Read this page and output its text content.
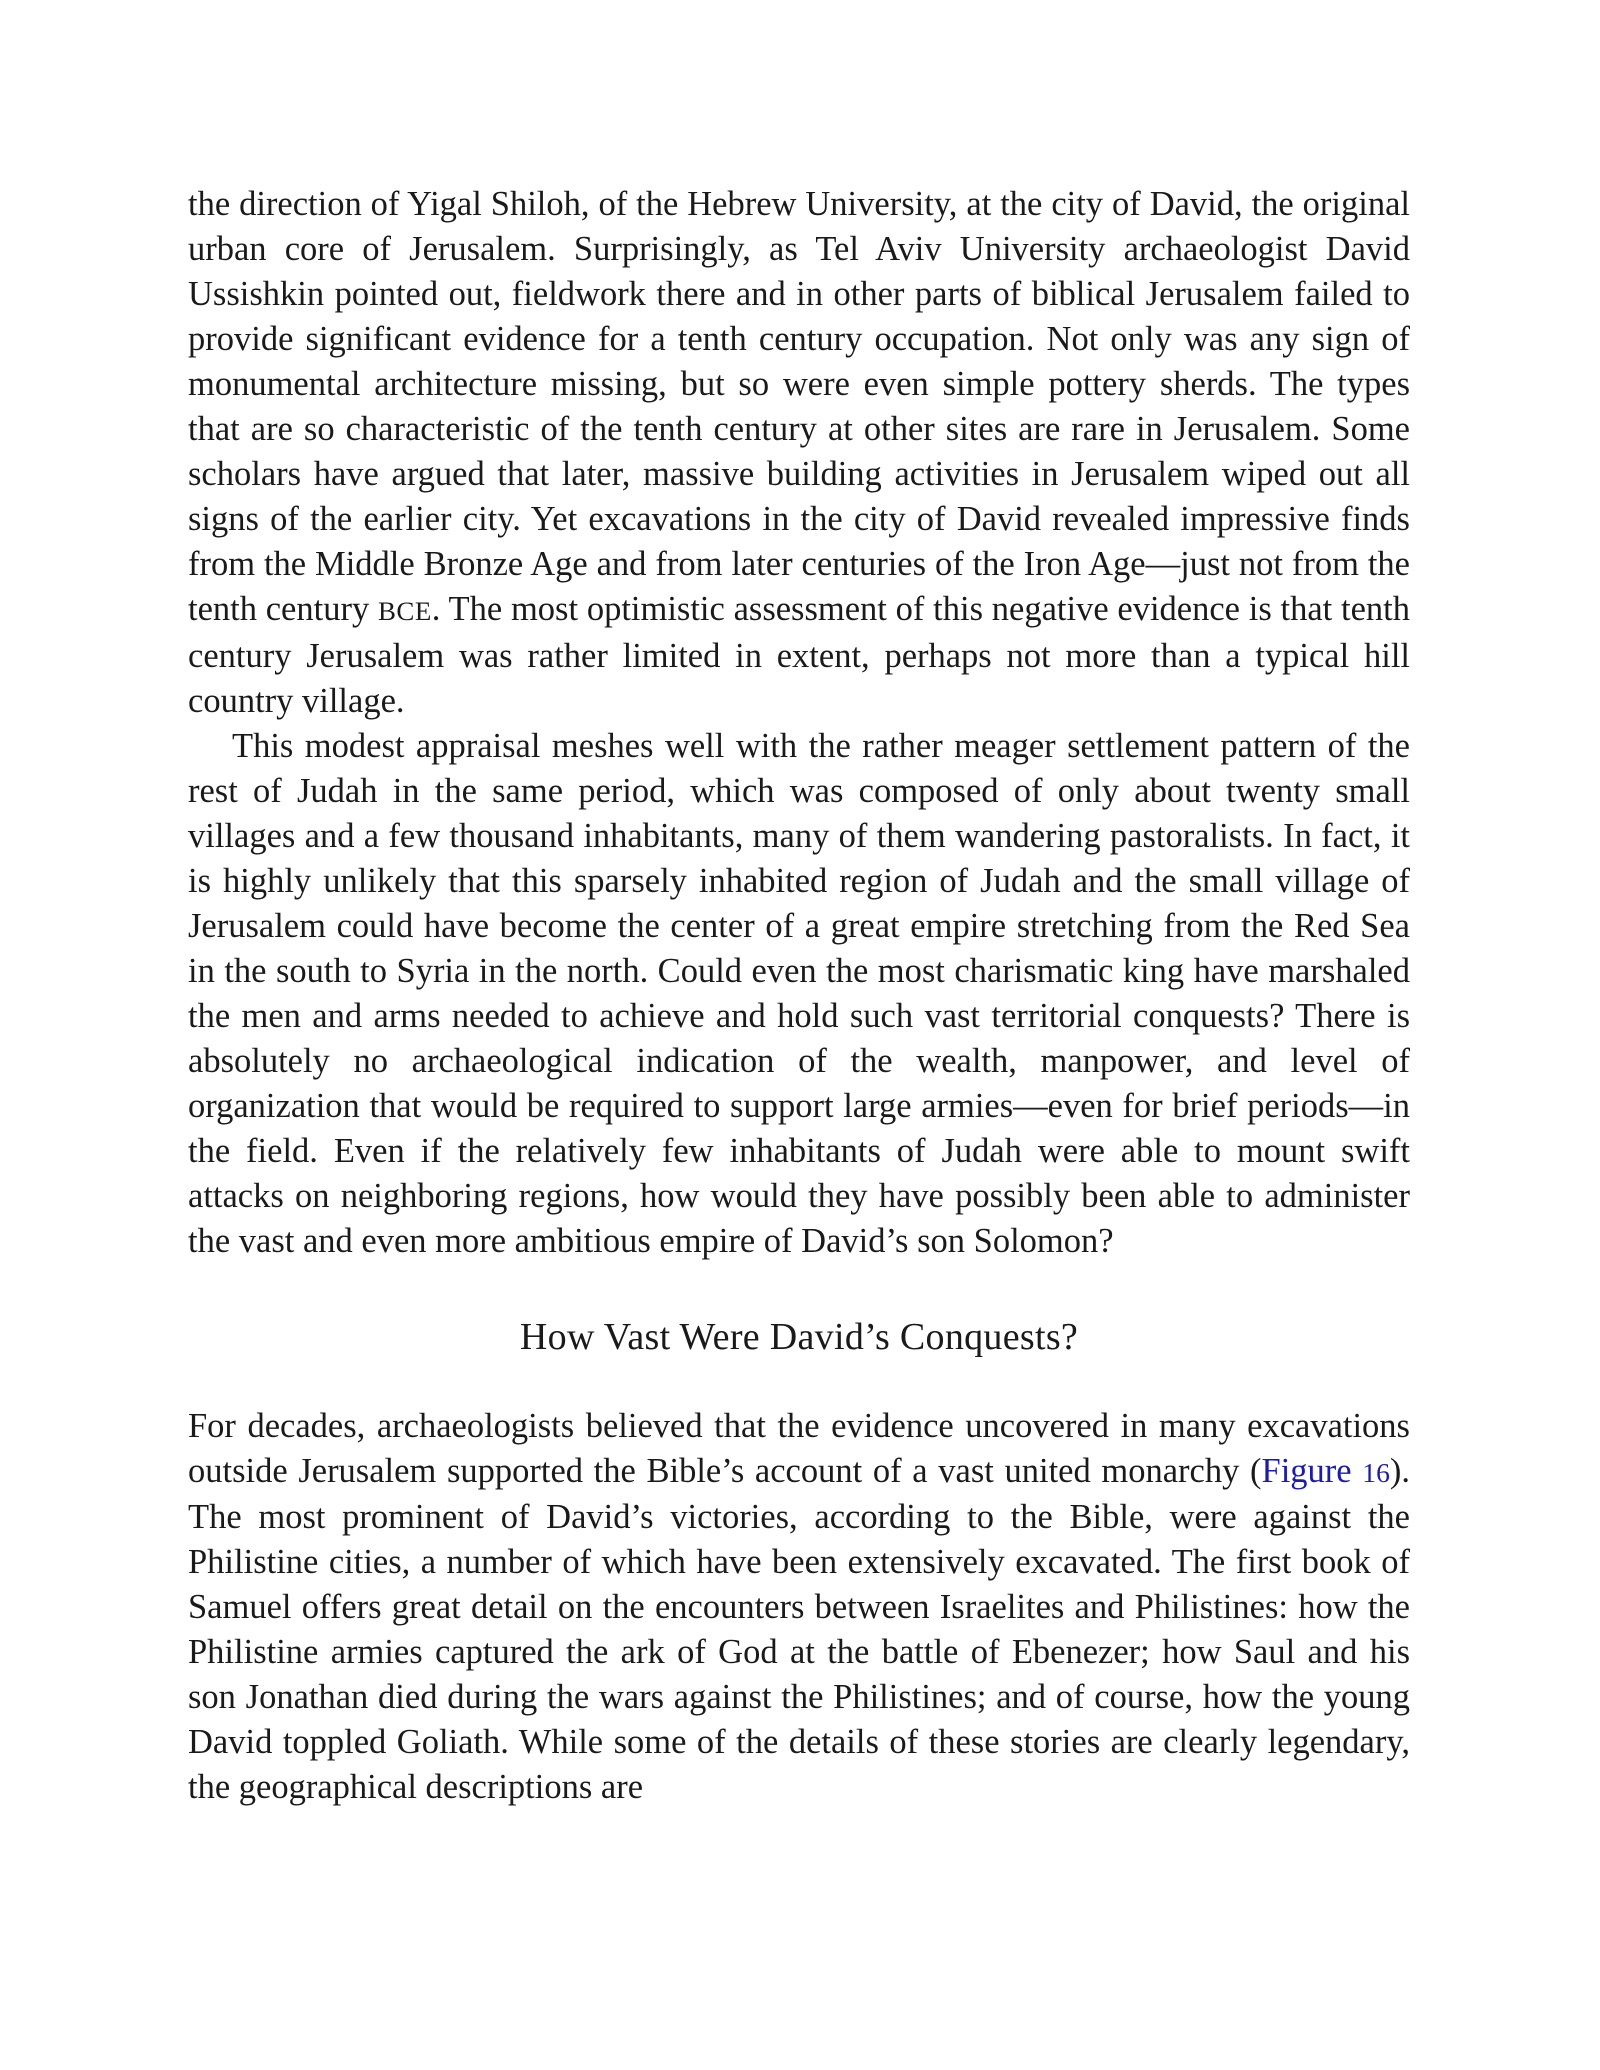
the direction of Yigal Shiloh, of the Hebrew University, at the city of David, the original urban core of Jerusalem. Surprisingly, as Tel Aviv University archaeologist David Ussishkin pointed out, fieldwork there and in other parts of biblical Jerusalem failed to provide significant evidence for a tenth century occupation. Not only was any sign of monumental architecture missing, but so were even simple pottery sherds. The types that are so characteristic of the tenth century at other sites are rare in Jerusalem. Some scholars have argued that later, massive building activities in Jerusalem wiped out all signs of the earlier city. Yet excavations in the city of David revealed impressive finds from the Middle Bronze Age and from later centuries of the Iron Age—just not from the tenth century BCE. The most optimistic assessment of this negative evidence is that tenth century Jerusalem was rather limited in extent, perhaps not more than a typical hill country village.

This modest appraisal meshes well with the rather meager settlement pattern of the rest of Judah in the same period, which was composed of only about twenty small villages and a few thousand inhabitants, many of them wandering pastoralists. In fact, it is highly unlikely that this sparsely inhabited region of Judah and the small village of Jerusalem could have become the center of a great empire stretching from the Red Sea in the south to Syria in the north. Could even the most charismatic king have marshaled the men and arms needed to achieve and hold such vast territorial conquests? There is absolutely no archaeological indication of the wealth, manpower, and level of organization that would be required to support large armies—even for brief periods—in the field. Even if the relatively few inhabitants of Judah were able to mount swift attacks on neighboring regions, how would they have possibly been able to administer the vast and even more ambitious empire of David’s son Solomon?

How Vast Were David’s Conquests?

For decades, archaeologists believed that the evidence uncovered in many excavations outside Jerusalem supported the Bible’s account of a vast united monarchy (Figure 16). The most prominent of David’s victories, according to the Bible, were against the Philistine cities, a number of which have been extensively excavated. The first book of Samuel offers great detail on the encounters between Israelites and Philistines: how the Philistine armies captured the ark of God at the battle of Ebenezer; how Saul and his son Jonathan died during the wars against the Philistines; and of course, how the young David toppled Goliath. While some of the details of these stories are clearly legendary, the geographical descriptions are
